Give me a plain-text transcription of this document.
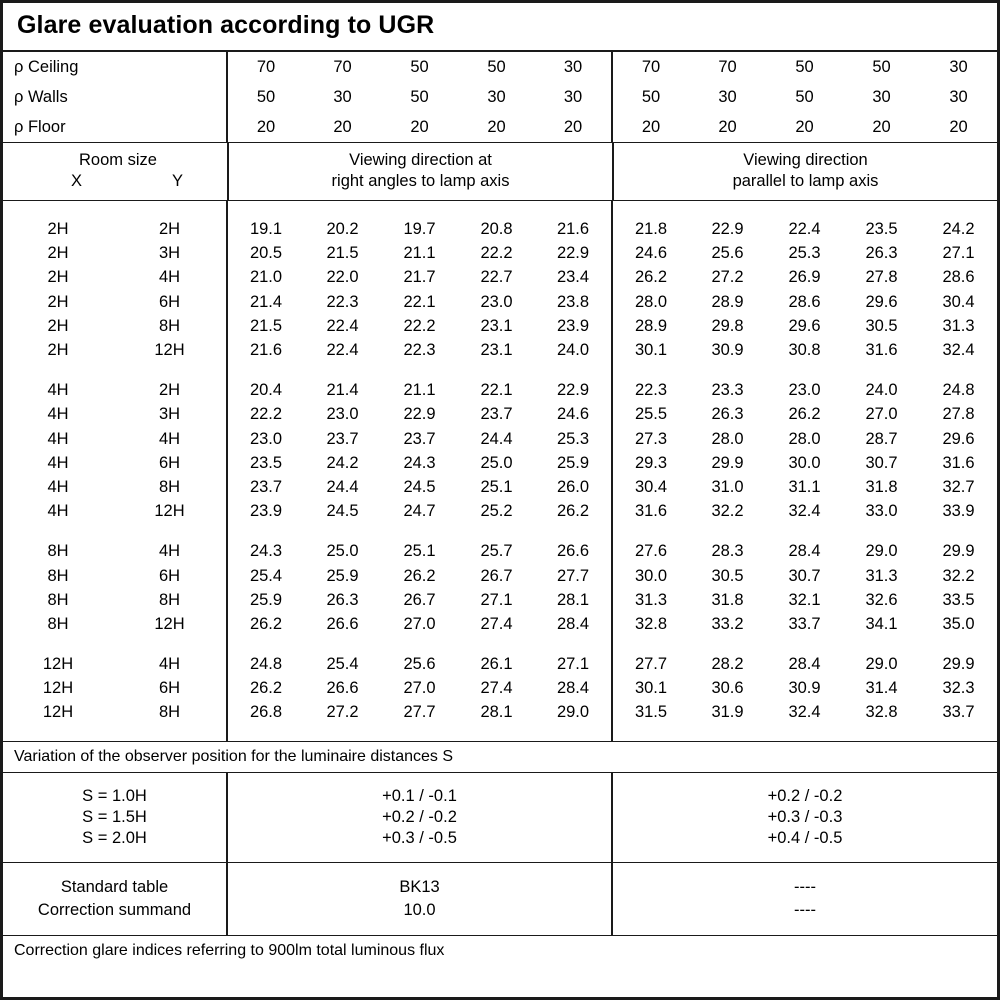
Glare evaluation according to UGR
ρ Ceiling	70	70	50	50	30	70	70	50	50	30
ρ Walls	50	30	50	30	30	50	30	50	30	30
ρ Floor	20	20	20	20	20	20	20	20	20	20
Room size
X	Y
Viewing direction at
right angles to lamp axis
Viewing direction
parallel to lamp axis

2H	2H	19.1	20.2	19.7	20.8	21.6	21.8	22.9	22.4	23.5	24.2
2H	3H	20.5	21.5	21.1	22.2	22.9	24.6	25.6	25.3	26.3	27.1
2H	4H	21.0	22.0	21.7	22.7	23.4	26.2	27.2	26.9	27.8	28.6
2H	6H	21.4	22.3	22.1	23.0	23.8	28.0	28.9	28.6	29.6	30.4
2H	8H	21.5	22.4	22.2	23.1	23.9	28.9	29.8	29.6	30.5	31.3
2H	12H	21.6	22.4	22.3	23.1	24.0	30.1	30.9	30.8	31.6	32.4

4H	2H	20.4	21.4	21.1	22.1	22.9	22.3	23.3	23.0	24.0	24.8
4H	3H	22.2	23.0	22.9	23.7	24.6	25.5	26.3	26.2	27.0	27.8
4H	4H	23.0	23.7	23.7	24.4	25.3	27.3	28.0	28.0	28.7	29.6
4H	6H	23.5	24.2	24.3	25.0	25.9	29.3	29.9	30.0	30.7	31.6
4H	8H	23.7	24.4	24.5	25.1	26.0	30.4	31.0	31.1	31.8	32.7
4H	12H	23.9	24.5	24.7	25.2	26.2	31.6	32.2	32.4	33.0	33.9

8H	4H	24.3	25.0	25.1	25.7	26.6	27.6	28.3	28.4	29.0	29.9
8H	6H	25.4	25.9	26.2	26.7	27.7	30.0	30.5	30.7	31.3	32.2
8H	8H	25.9	26.3	26.7	27.1	28.1	31.3	31.8	32.1	32.6	33.5
8H	12H	26.2	26.6	27.0	27.4	28.4	32.8	33.2	33.7	34.1	35.0

12H	4H	24.8	25.4	25.6	26.1	27.1	27.7	28.2	28.4	29.0	29.9
12H	6H	26.2	26.6	27.0	27.4	28.4	30.1	30.6	30.9	31.4	32.3
12H	8H	26.8	27.2	27.7	28.1	29.0	31.5	31.9	32.4	32.8	33.7

Variation of the observer position for the luminaire distances S

S = 1.0H	+0.1 / -0.1	+0.2 / -0.2
S = 1.5H	+0.2 / -0.2	+0.3 / -0.3
S = 2.0H	+0.3 / -0.5	+0.4 / -0.5

Standard table	BK13	----
Correction summand	10.0	----

Correction glare indices referring to 900lm total luminous flux
